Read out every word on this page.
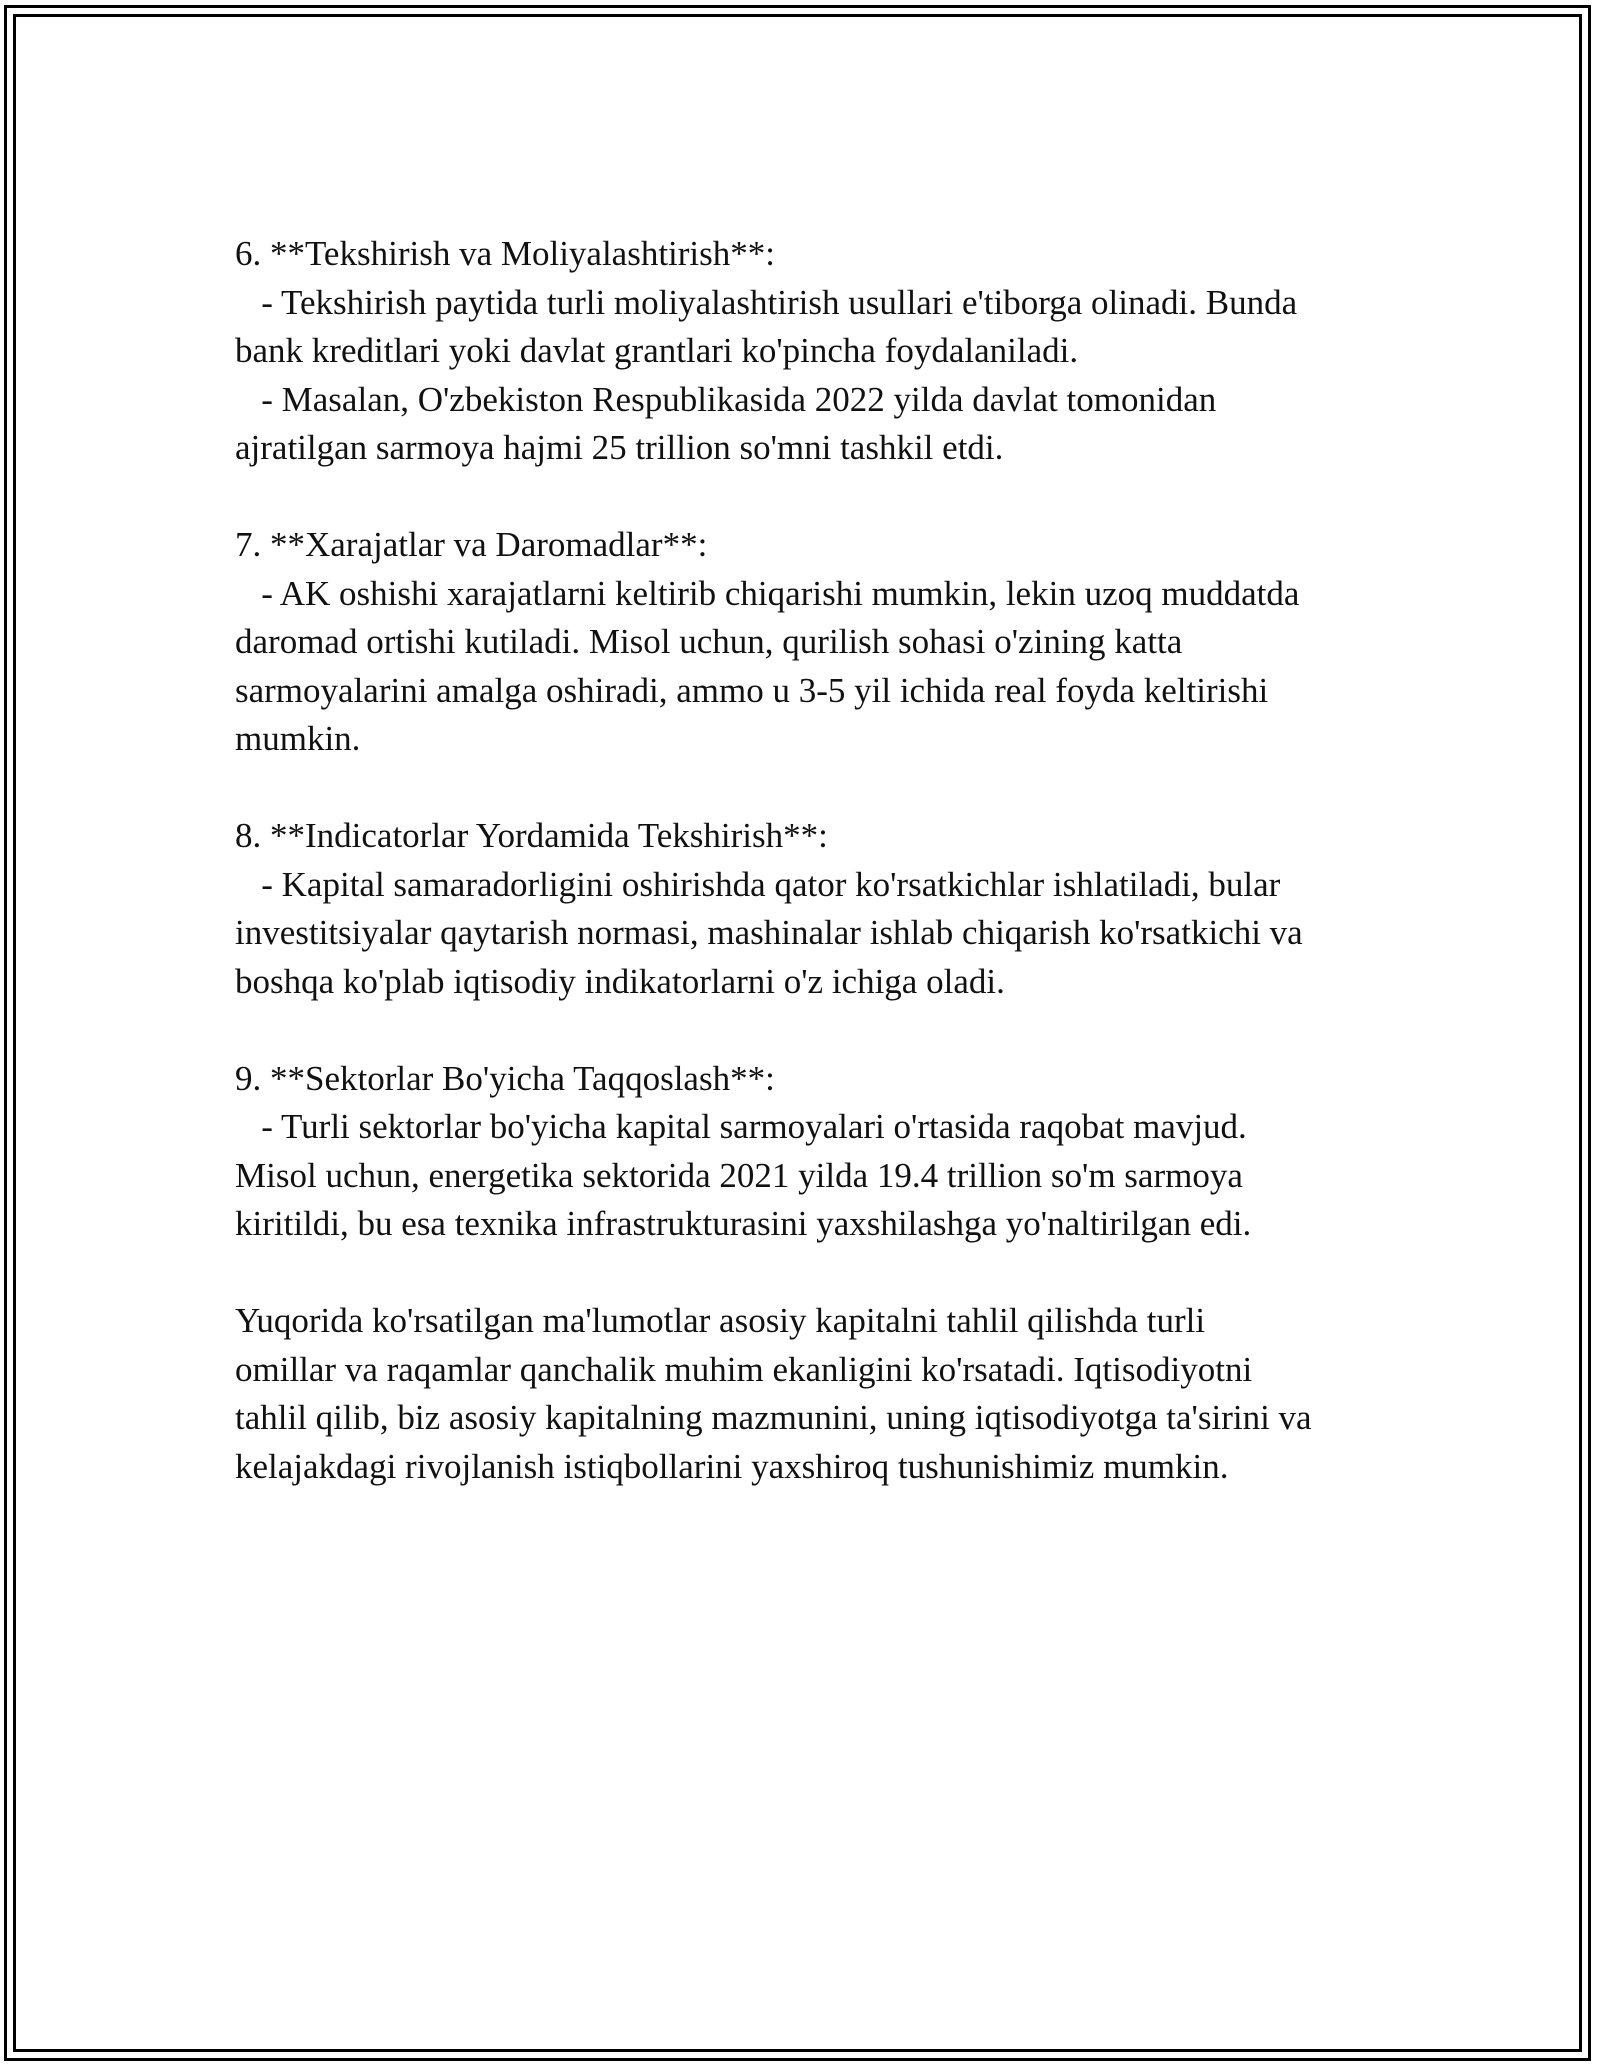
6. **Tekshirish va Moliyalashtirish**:

- Tekshirish paytida turli moliyalashtirish usullari e'tiborga olinadi. Bunda

bank kreditlari yoki davlat grantlari ko'pincha foydalaniladi.

- Masalan, O'zbekiston Respublikasida 2022 yilda davlat tomonidan

ajratilgan sarmoya hajmi 25 trillion so'mni tashkil etdi.

7. **Xarajatlar va Daromadlar**:

- AK oshishi xarajatlarni keltirib chiqarishi mumkin, lekin uzoq muddatda

daromad ortishi kutiladi. Misol uchun, qurilish sohasi o'zining katta

sarmoyalarini amalga oshiradi, ammo u 3-5 yil ichida real foyda keltirishi

mumkin.

8. **Indicatorlar Yordamida Tekshirish**:

- Kapital samaradorligini oshirishda qator ko'rsatkichlar ishlatiladi, bular

investitsiyalar qaytarish normasi, mashinalar ishlab chiqarish ko'rsatkichi va

boshqa ko'plab iqtisodiy indikatorlarni o'z ichiga oladi.

9. **Sektorlar Bo'yicha Taqqoslash**:

- Turli sektorlar bo'yicha kapital sarmoyalari o'rtasida raqobat mavjud.

Misol uchun, energetika sektorida 2021 yilda 19.4 trillion so'm sarmoya

kiritildi, bu esa texnika infrastrukturasini yaxshilashga yo'naltirilgan edi.

Yuqorida ko'rsatilgan ma'lumotlar asosiy kapitalni tahlil qilishda turli

omillar va raqamlar qanchalik muhim ekanligini ko'rsatadi. Iqtisodiyotni

tahlil qilib, biz asosiy kapitalning mazmunini, uning iqtisodiyotga ta'sirini va

kelajakdagi rivojlanish istiqbollarini yaxshiroq tushunishimiz mumkin.
